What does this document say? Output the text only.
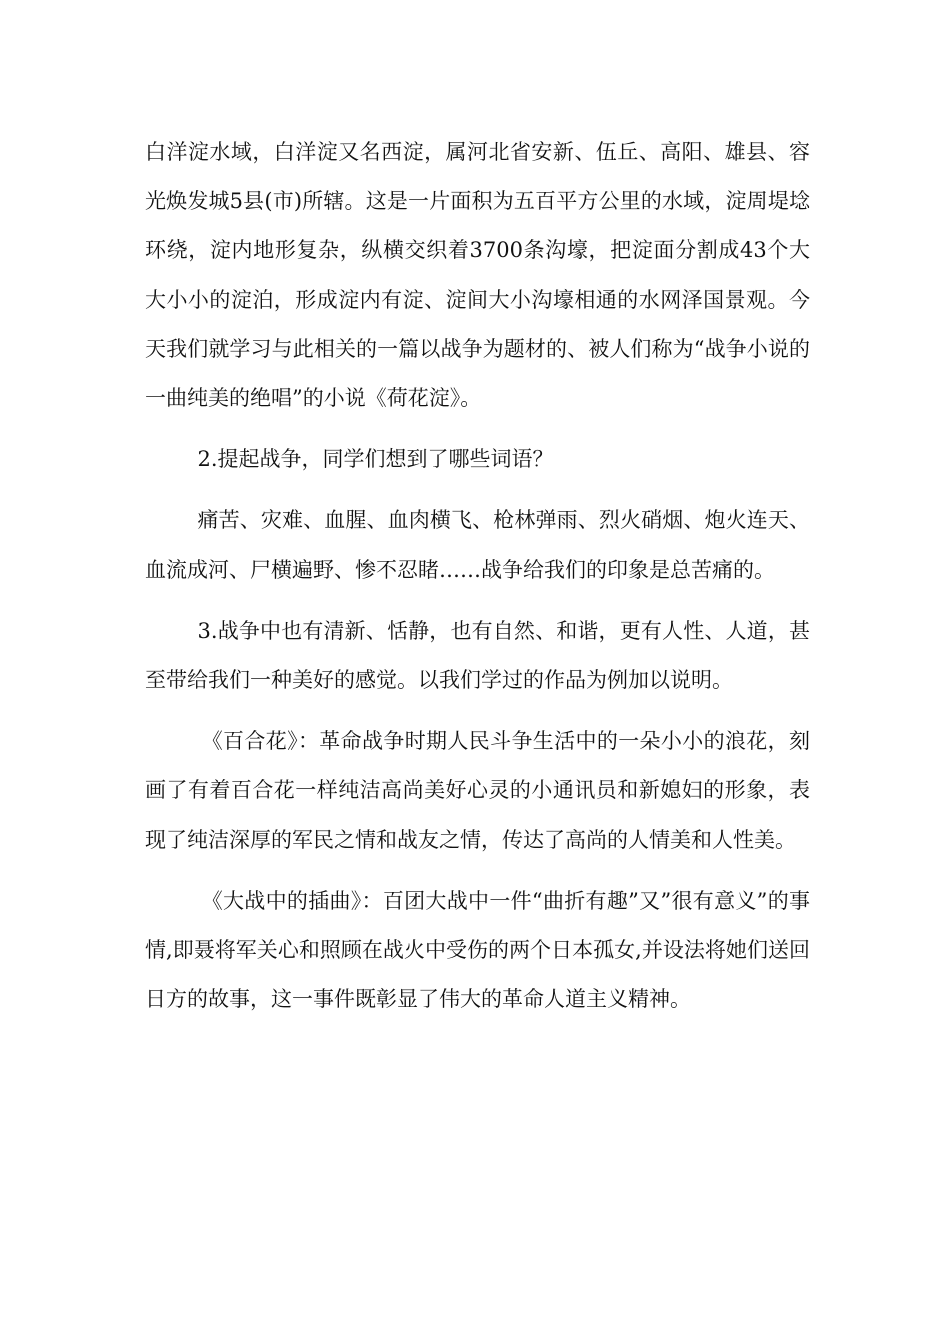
白洋淀水域，白洋淀又名西淀，属河北省安新、伍丘、高阳、雄县、容光焕发城5县(市)所辖。这是一片面积为五百平方公里的水域，淀周堤埝环绕，淀内地形复杂，纵横交织着3700条沟壕，把淀面分割成43个大大小小的淀泊，形成淀内有淀、淀间大小沟壕相通的水网泽国景观。今天我们就学习与此相关的一篇以战争为题材的、被人们称为“战争小说的一曲纯美的绝唱”的小说《荷花淀》。

2.提起战争，同学们想到了哪些词语？

痛苦、灾难、血腥、血肉横飞、枪林弹雨、烈火硝烟、炮火连天、血流成河、尸横遍野、惨不忍睹……战争给我们的印象是总苦痛的。

3.战争中也有清新、恬静，也有自然、和谐，更有人性、人道，甚至带给我们一种美好的感觉。以我们学过的作品为例加以说明。

《百合花》：革命战争时期人民斗争生活中的一朵小小的浪花，刻画了有着百合花一样纯洁高尚美好心灵的小通讯员和新媳妇的形象，表现了纯洁深厚的军民之情和战友之情，传达了高尚的人情美和人性美。

《大战中的插曲》：百团大战中一件“曲折有趣”又”很有意义”的事情,即聂将军关心和照顾在战火中受伤的两个日本孤女,并设法将她们送回日方的故事，这一事件既彰显了伟大的革命人道主义精神。
